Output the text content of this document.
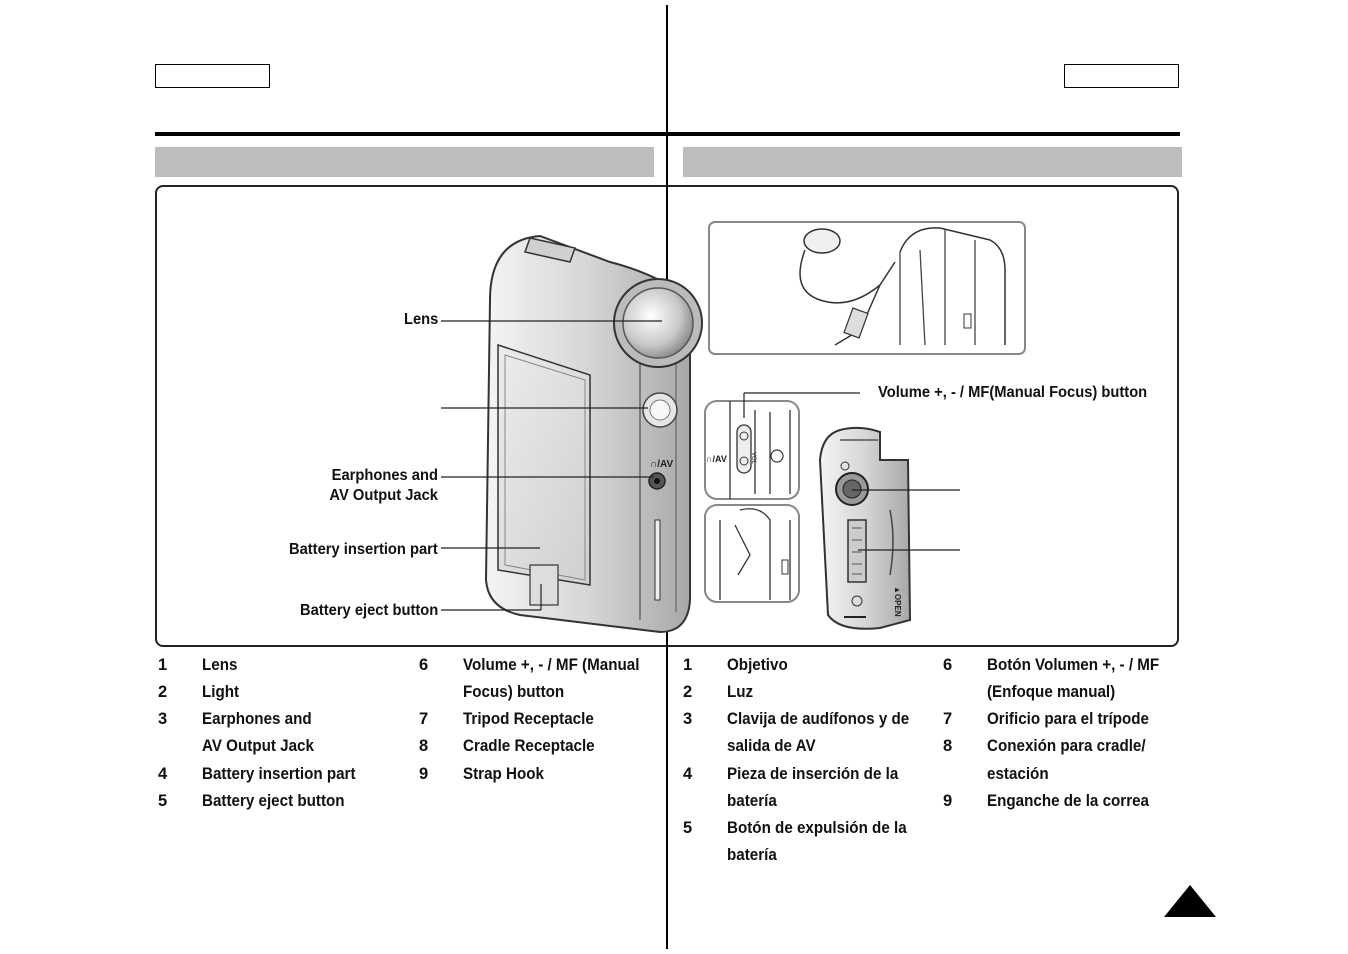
∩/AV	∩/AV	VOL
▲OPEN
Lens
Earphones and
AV Output Jack
Battery insertion part
Battery eject button
Volume +, - / MF(Manual Focus) button
1 Lens
2 Light
3 Earphones and
AV Output Jack
4 Battery insertion part
5 Battery eject button
6 Volume +, - / MF (Manual
Focus) button
7 Tripod Receptacle
8 Cradle Receptacle
9 Strap Hook
1 Objetivo
2 Luz
3 Clavija de audífonos y de
salida de AV
4 Pieza de inserción de la
batería
5 Botón de expulsión de la
batería
6 Botón Volumen +, - / MF
(Enfoque manual)
7 Orificio para el trípode
8 Conexión para cradle/
estación
9 Enganche de la correa
